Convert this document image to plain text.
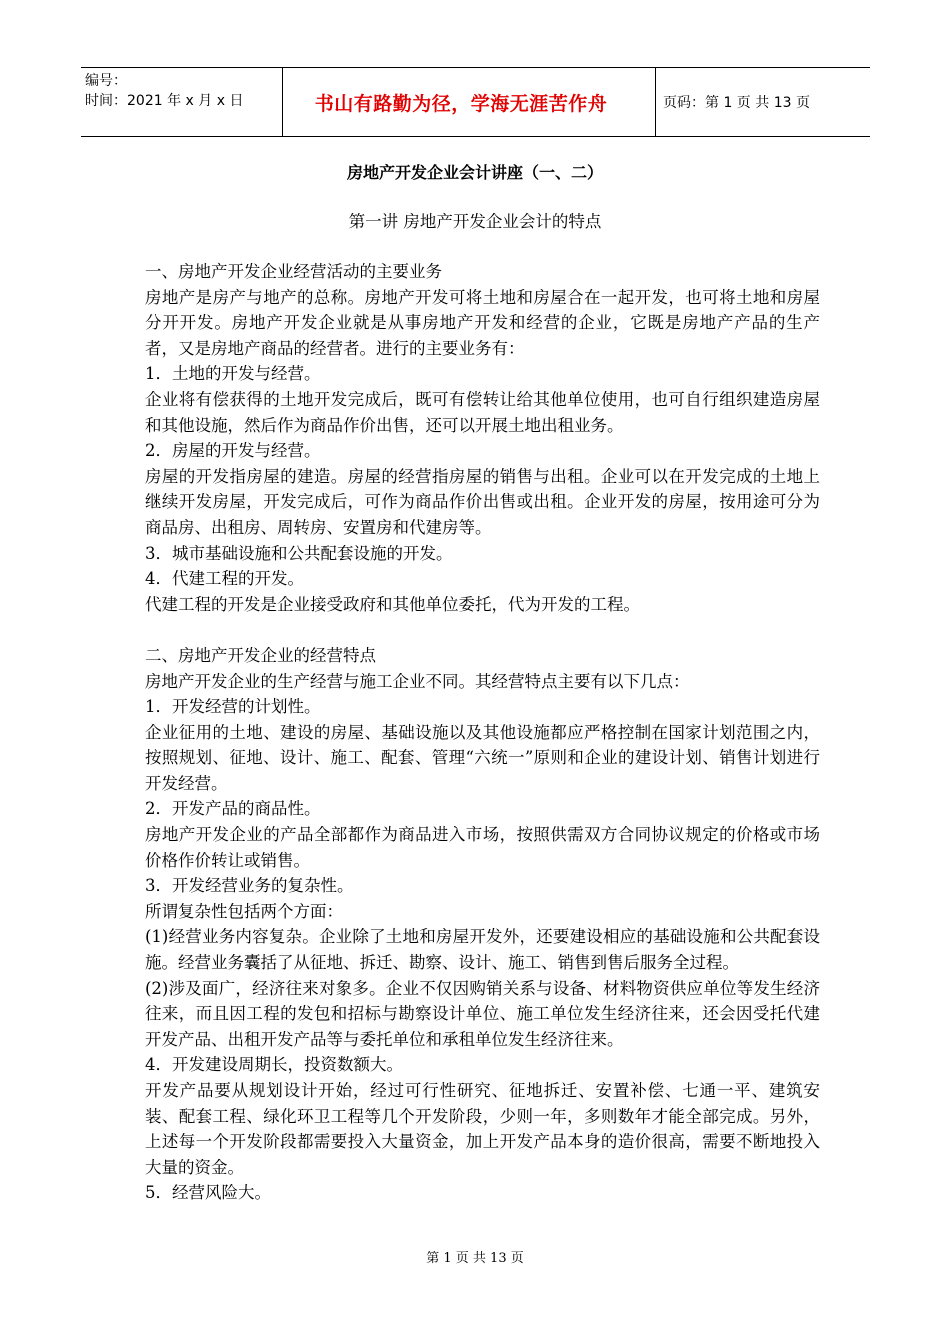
编号：
时间：2021 年 x 月 x 日	书山有路勤为径，学海无涯苦作舟	页码：第 1 页 共 13 页
房地产开发企业会计讲座（一、二）
第一讲 房地产开发企业会计的特点

一、房地产开发企业经营活动的主要业务

房地产是房产与地产的总称。房地产开发可将土地和房屋合在一起开发，也可将土地和房屋分开开发。房地产开发企业就是从事房地产开发和经营的企业，它既是房地产产品的生产者，又是房地产商品的经营者。进行的主要业务有：

1．土地的开发与经营。

企业将有偿获得的土地开发完成后，既可有偿转让给其他单位使用，也可自行组织建造房屋和其他设施，然后作为商品作价出售，还可以开展土地出租业务。

2．房屋的开发与经营。

房屋的开发指房屋的建造。房屋的经营指房屋的销售与出租。企业可以在开发完成的土地上继续开发房屋，开发完成后，可作为商品作价出售或出租。企业开发的房屋，按用途可分为商品房、出租房、周转房、安置房和代建房等。

3．城市基础设施和公共配套设施的开发。

4．代建工程的开发。

代建工程的开发是企业接受政府和其他单位委托，代为开发的工程。

二、房地产开发企业的经营特点

房地产开发企业的生产经营与施工企业不同。其经营特点主要有以下几点：

1．开发经营的计划性。

企业征用的土地、建设的房屋、基础设施以及其他设施都应严格控制在国家计划范围之内，按照规划、征地、设计、施工、配套、管理“六统一”原则和企业的建设计划、销售计划进行开发经营。

2．开发产品的商品性。

房地产开发企业的产品全部都作为商品进入市场，按照供需双方合同协议规定的价格或市场价格作价转让或销售。

3．开发经营业务的复杂性。

所谓复杂性包括两个方面：

(1)经营业务内容复杂。企业除了土地和房屋开发外，还要建设相应的基础设施和公共配套设施。经营业务囊括了从征地、拆迁、勘察、设计、施工、销售到售后服务全过程。

(2)涉及面广，经济往来对象多。企业不仅因购销关系与设备、材料物资供应单位等发生经济往来，而且因工程的发包和招标与勘察设计单位、施工单位发生经济往来，还会因受托代建开发产品、出租开发产品等与委托单位和承租单位发生经济往来。

4．开发建设周期长，投资数额大。

开发产品要从规划设计开始，经过可行性研究、征地拆迁、安置补偿、七通一平、建筑安装、配套工程、绿化环卫工程等几个开发阶段，少则一年，多则数年才能全部完成。另外，上述每一个开发阶段都需要投入大量资金，加上开发产品本身的造价很高，需要不断地投入大量的资金。

5．经营风险大。

第 1 页 共 13 页
